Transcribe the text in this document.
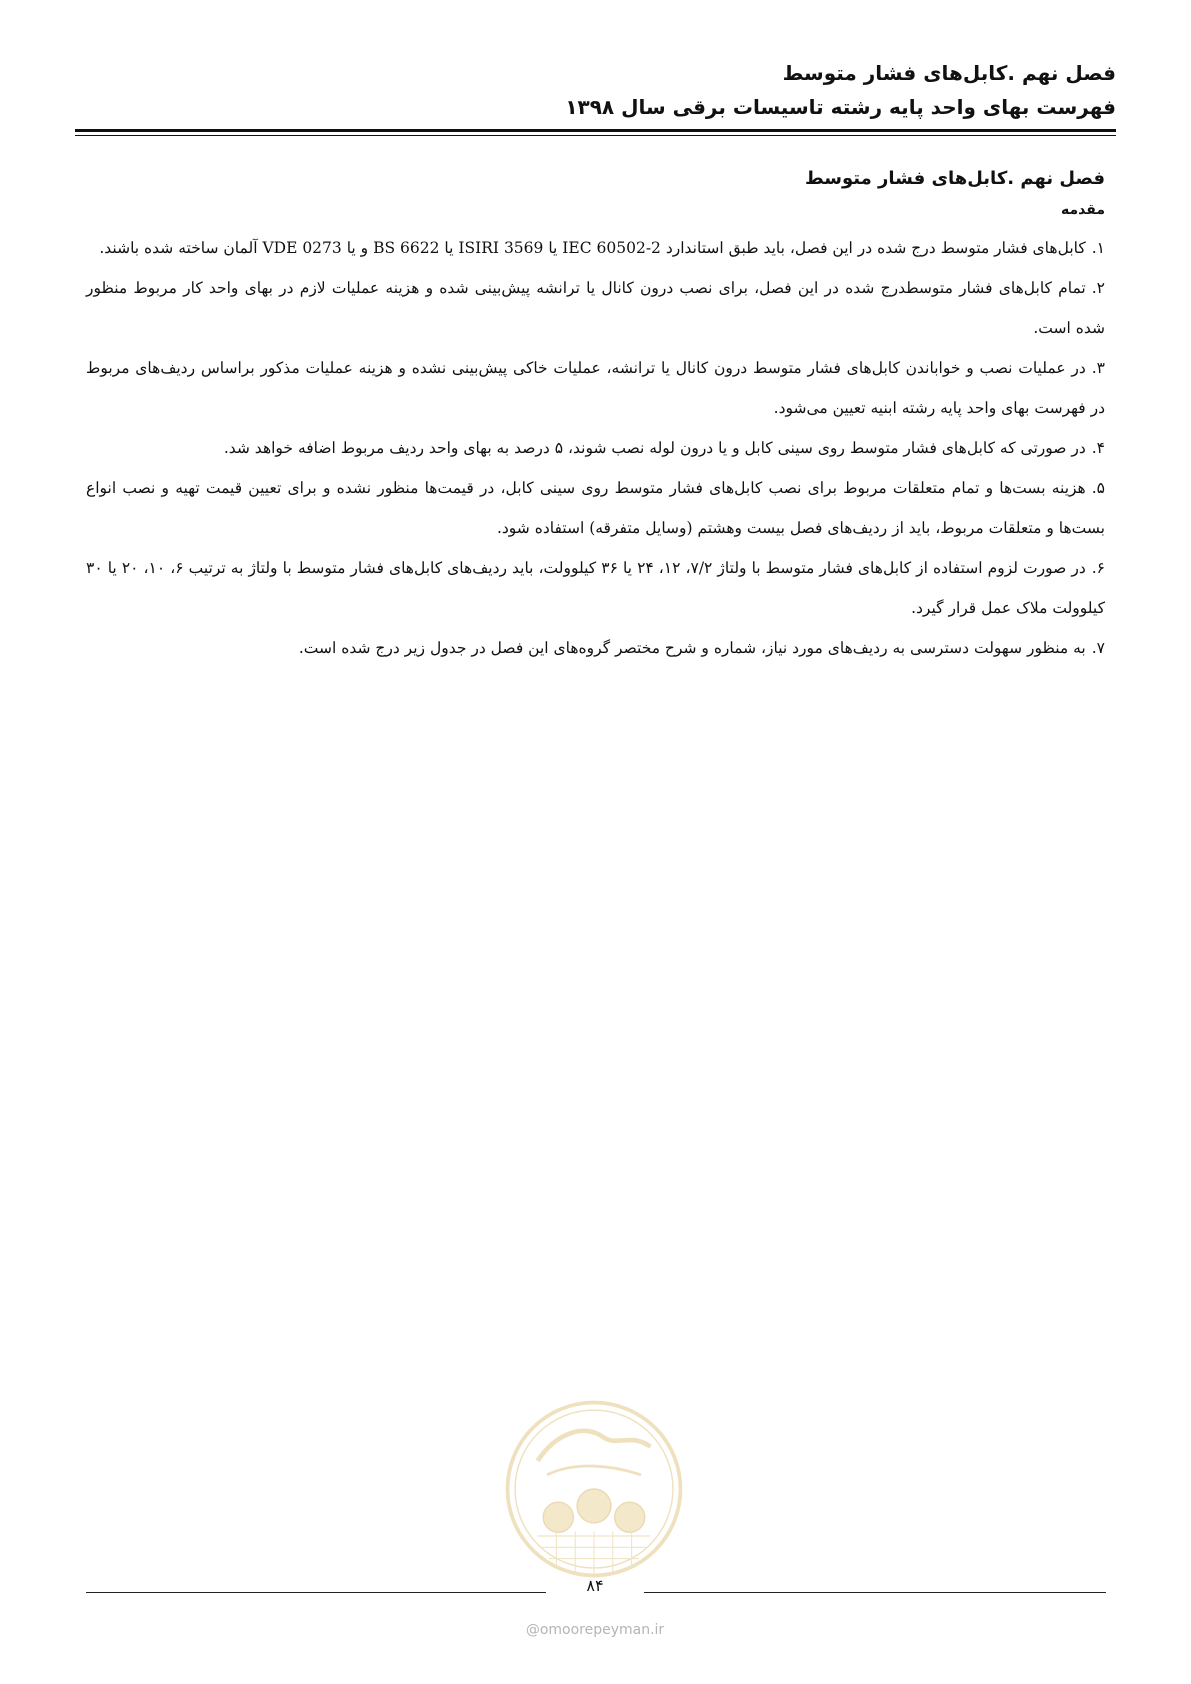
فصل نهم .کابل‌های فشار متوسط
فهرست بهای واحد پایه رشته تاسیسات برقی سال ۱۳۹۸
فصل نهم .کابل‌های فشار متوسط
مقدمه

۱.کابل‌های فشار متوسط درج شده در این فصل، باید طبق استاندارد IEC 60502-2 یا ISIRI 3569 یا BS 6622 و یا VDE 0273 آلمان ساخته شده باشند.

۲.تمام کابل‌های فشار متوسطدرج شده در این فصل، برای نصب درون کانال یا ترانشه پیش‌بینی شده و هزینه عملیات لازم در بهای واحد کار مربوط منظور شده است.

۳.در عملیات نصب و خواباندن کابل‌های فشار متوسط درون کانال یا ترانشه، عملیات خاکی پیش‌بینی نشده و هزینه عملیات مذکور براساس ردیف‌های مربوط در فهرست بهای واحد پایه رشته ابنیه تعیین می‌شود.

۴.در صورتی که کابل‌های فشار متوسط روی سینی کابل و یا درون لوله نصب شوند، ۵ درصد به بهای واحد ردیف مربوط اضافه خواهد شد.

۵.هزینه بست‌ها و تمام متعلقات مربوط برای نصب کابل‌های فشار متوسط روی سینی کابل، در قیمت‌ها منظور نشده و برای تعیین قیمت تهیه و نصب انواع بست‌ها و متعلقات مربوط، باید از ردیف‌های فصل بیست وهشتم (وسایل متفرقه) استفاده شود.

۶.در صورت لزوم استفاده از کابل‌های فشار متوسط با ولتاژ ۷/۲، ۱۲، ۲۴ یا ۳۶ کیلوولت، باید ردیف‌های کابل‌های فشار متوسط با ولتاژ به ترتیب ۶، ۱۰، ۲۰ یا ۳۰ کیلوولت ملاک عمل قرار گیرد.

۷.به منظور سهولت دسترسی به ردیف‌های مورد نیاز، شماره و شرح مختصر گروه‌های این فصل در جدول زیر درج شده است.

۸۴
@omoorepeyman.ir
